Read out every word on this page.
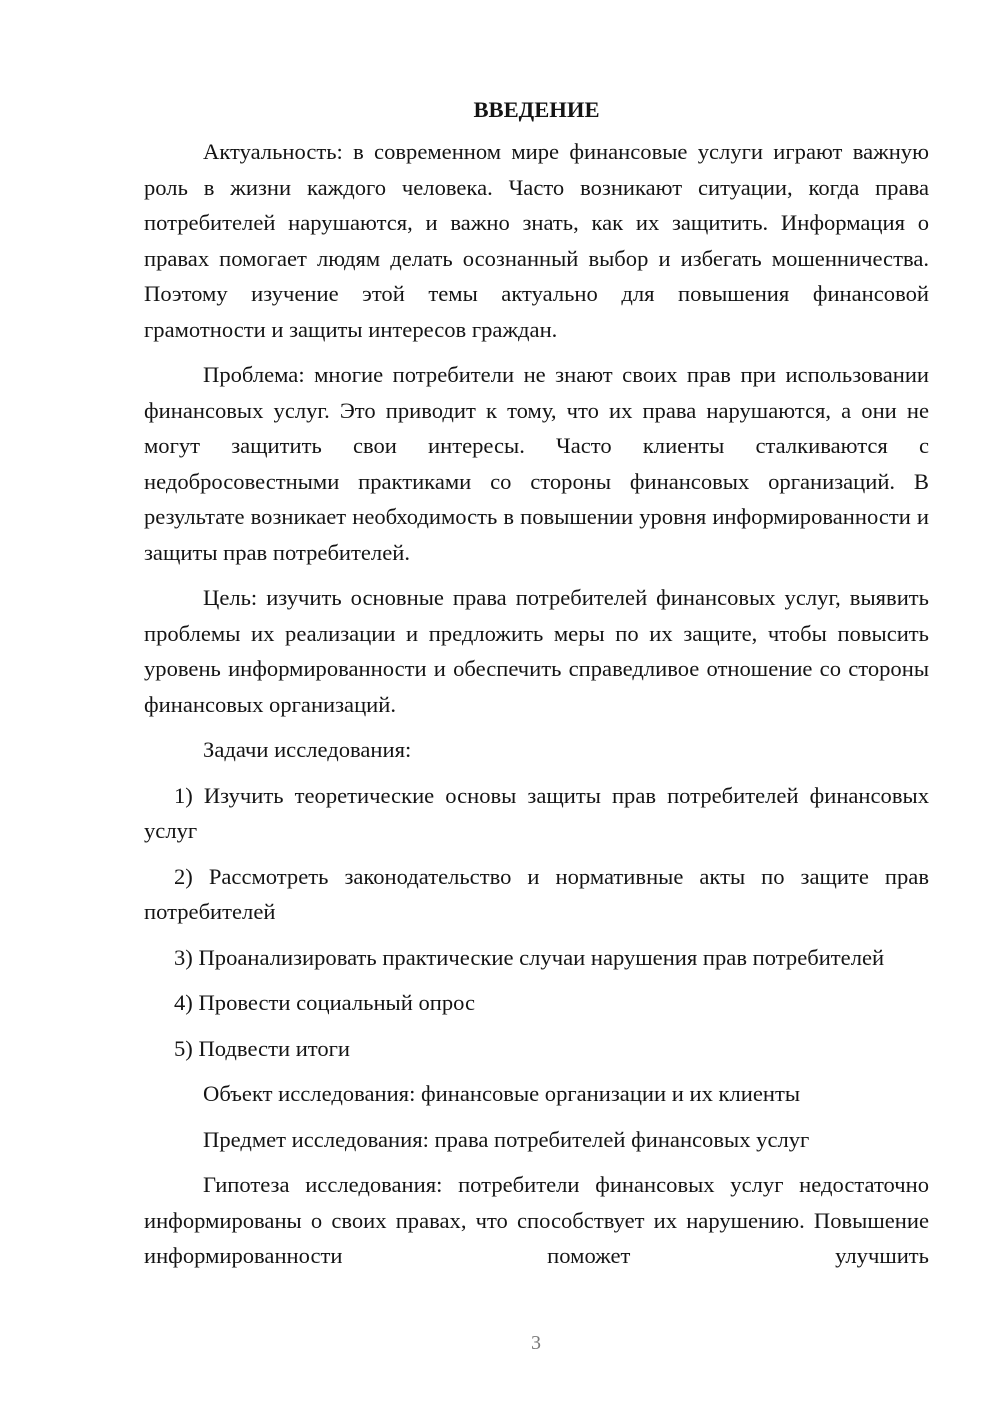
ВВЕДЕНИЕ

Актуальность: в современном мире финансовые услуги играют важную роль в жизни каждого человека. Часто возникают ситуации, когда права потребителей нарушаются, и важно знать, как их защитить. Информация о правах помогает людям делать осознанный выбор и избегать мошенничества. Поэтому изучение этой темы актуально для повышения финансовой грамотности и защиты интересов граждан.

Проблема: многие потребители не знают своих прав при использовании финансовых услуг. Это приводит к тому, что их права нарушаются, а они не могут защитить свои интересы. Часто клиенты сталкиваются с недобросовестными практиками со стороны финансовых организаций. В результате возникает необходимость в повышении уровня информированности и защиты прав потребителей.

Цель: изучить основные права потребителей финансовых услуг, выявить проблемы их реализации и предложить меры по их защите, чтобы повысить уровень информированности и обеспечить справедливое отношение со стороны финансовых организаций.

Задачи исследования:

1) Изучить теоретические основы защиты прав потребителей финансовых услуг

2) Рассмотреть законодательство и нормативные акты по защите прав потребителей

3) Проанализировать практические случаи нарушения прав потребителей

4) Провести социальный опрос

5) Подвести итоги

Объект исследования: финансовые организации и их клиенты

Предмет исследования: права потребителей финансовых услуг

Гипотеза исследования: потребители финансовых услуг недостаточно информированы о своих правах, что способствует их нарушению. Повышение информированности поможет улучшить

3
